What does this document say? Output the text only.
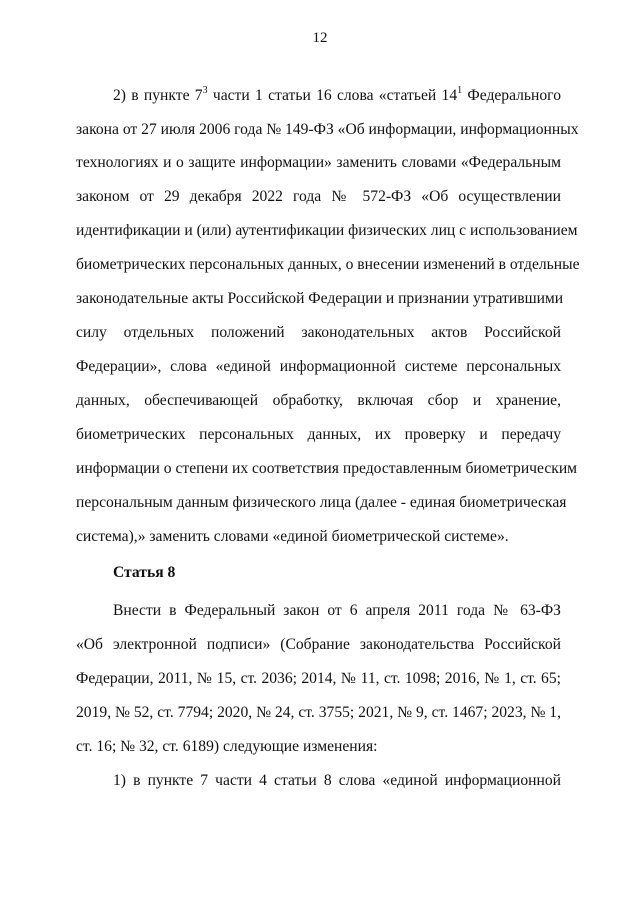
12
2) в пункте $7^3$ части 1 статьи 16 слова «статьей $14^1$ Федерального
закона от 27 июля 2006 года № 149-ФЗ «Об информации, информационных
технологиях и о защите информации» заменить словами «Федеральным
законом от 29 декабря 2022 года № 572-ФЗ «Об осуществлении
идентификации и (или) аутентификации физических лиц с использованием
биометрических персональных данных, о внесении изменений в отдельные
законодательные акты Российской Федерации и признании утратившими
силу отдельных положений законодательных актов Российской
Федерации», слова «единой информационной системе персональных
данных, обеспечивающей обработку, включая сбор и хранение,
биометрических персональных данных, их проверку и передачу
информации о степени их соответствия предоставленным биометрическим
персональным данным физического лица (далее - единая биометрическая
система),» заменить словами «единой биометрической системе».
Статья 8
Внести в Федеральный закон от 6 апреля 2011 года № 63-ФЗ
«Об электронной подписи» (Собрание законодательства Российской
Федерации, 2011, № 15, ст. 2036; 2014, № 11, ст. 1098; 2016, № 1, ст. 65;
2019, № 52, ст. 7794; 2020, № 24, ст. 3755; 2021, № 9, ст. 1467; 2023, № 1,
ст. 16; № 32, ст. 6189) следующие изменения:
1) в пункте 7 части 4 статьи 8 слова «единой информационной
